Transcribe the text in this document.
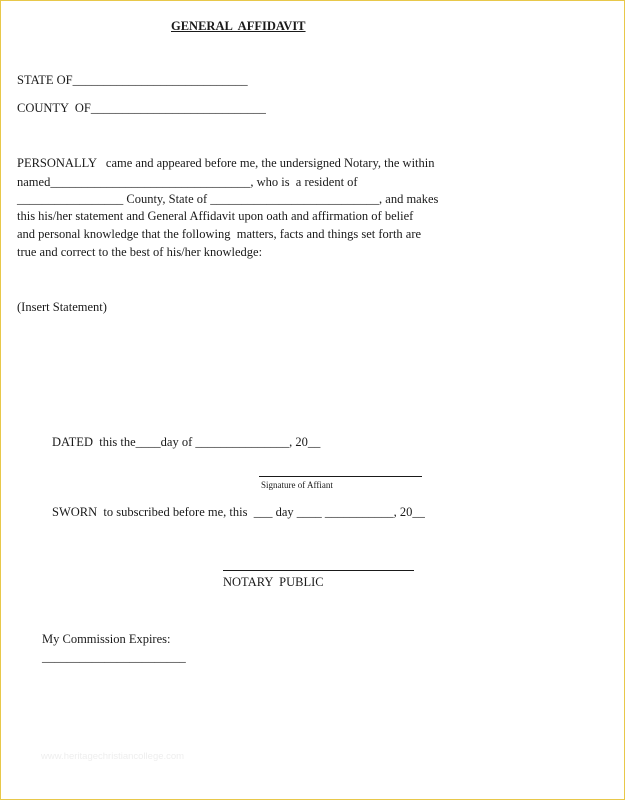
GENERAL  AFFIDAVIT
STATE OF____________________________
COUNTY  OF____________________________
PERSONALLY   came and appeared before me, the undersigned Notary, the within
named________________________________, who is  a resident of
_________________ County, State of ___________________________, and makes
this his/her statement and General Affidavit upon oath and affirmation of belief
and personal knowledge that the following  matters, facts and things set forth are
true and correct to the best of his/her knowledge:
(Insert Statement)
DATED  this the____day of _______________, 20__
Signature of Affiant
SWORN  to subscribed before me, this  ___ day ____ ___________, 20__
NOTARY  PUBLIC
My Commission Expires:
_______________________
www.heritagechristiancollege.com
